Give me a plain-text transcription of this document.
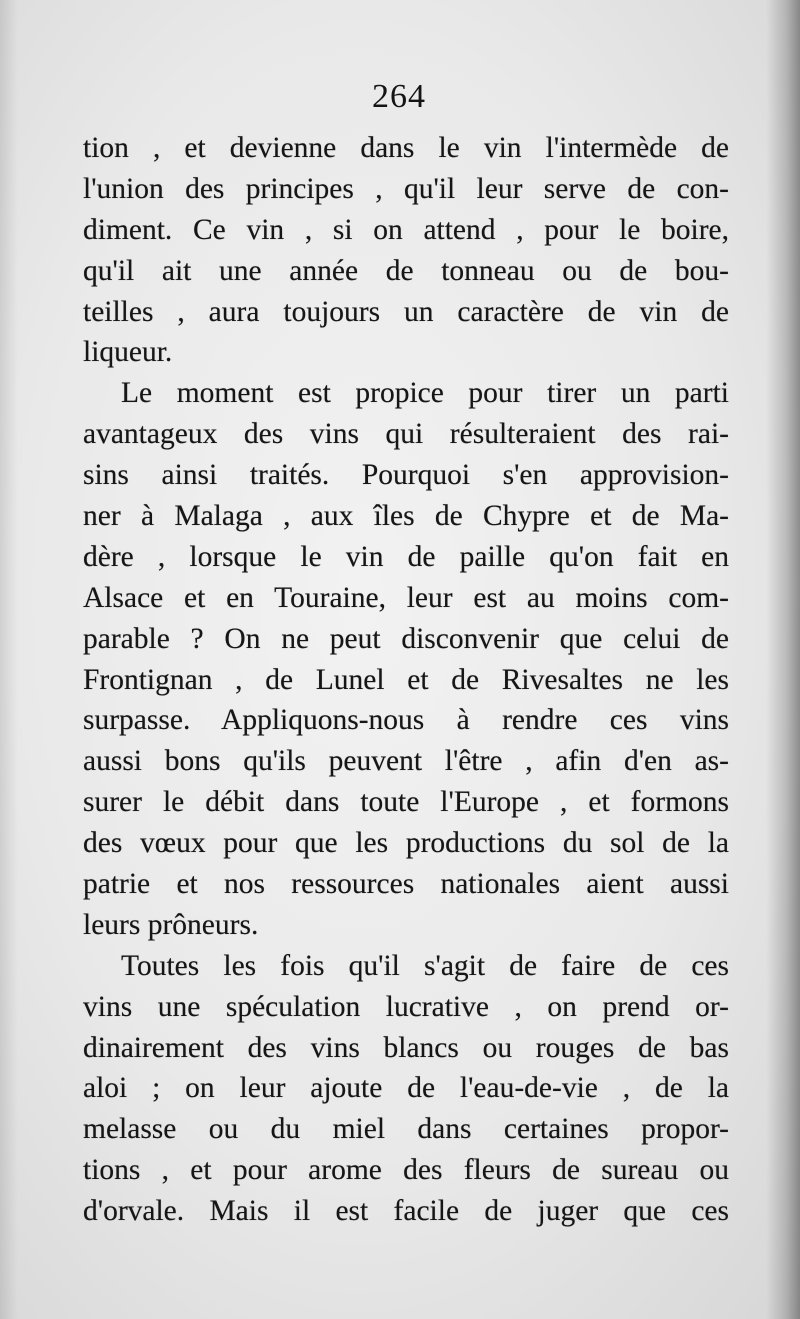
264
tion , et devienne dans le vin l'intermède de
l'union des principes , qu'il leur serve de con-
diment. Ce vin , si on attend , pour le boire,
qu'il ait une année de tonneau ou de bou-
teilles , aura toujours un caractère de vin de
liqueur.
Le moment est propice pour tirer un parti
avantageux des vins qui résulteraient des rai-
sins ainsi traités. Pourquoi s'en approvision-
ner à Malaga , aux îles de Chypre et de Ma-
dère , lorsque le vin de paille qu'on fait en
Alsace et en Touraine, leur est au moins com-
parable ? On ne peut disconvenir que celui de
Frontignan , de Lunel et de Rivesaltes ne les
surpasse. Appliquons-nous à rendre ces vins
aussi bons qu'ils peuvent l'être , afin d'en as-
surer le débit dans toute l'Europe , et formons
des vœux pour que les productions du sol de la
patrie et nos ressources nationales aient aussi
leurs prôneurs.
Toutes les fois qu'il s'agit de faire de ces
vins une spéculation lucrative , on prend or-
dinairement des vins blancs ou rouges de bas
aloi ; on leur ajoute de l'eau-de-vie , de la
melasse ou du miel dans certaines propor-
tions , et pour arome des fleurs de sureau ou
d'orvale. Mais il est facile de juger que ces
